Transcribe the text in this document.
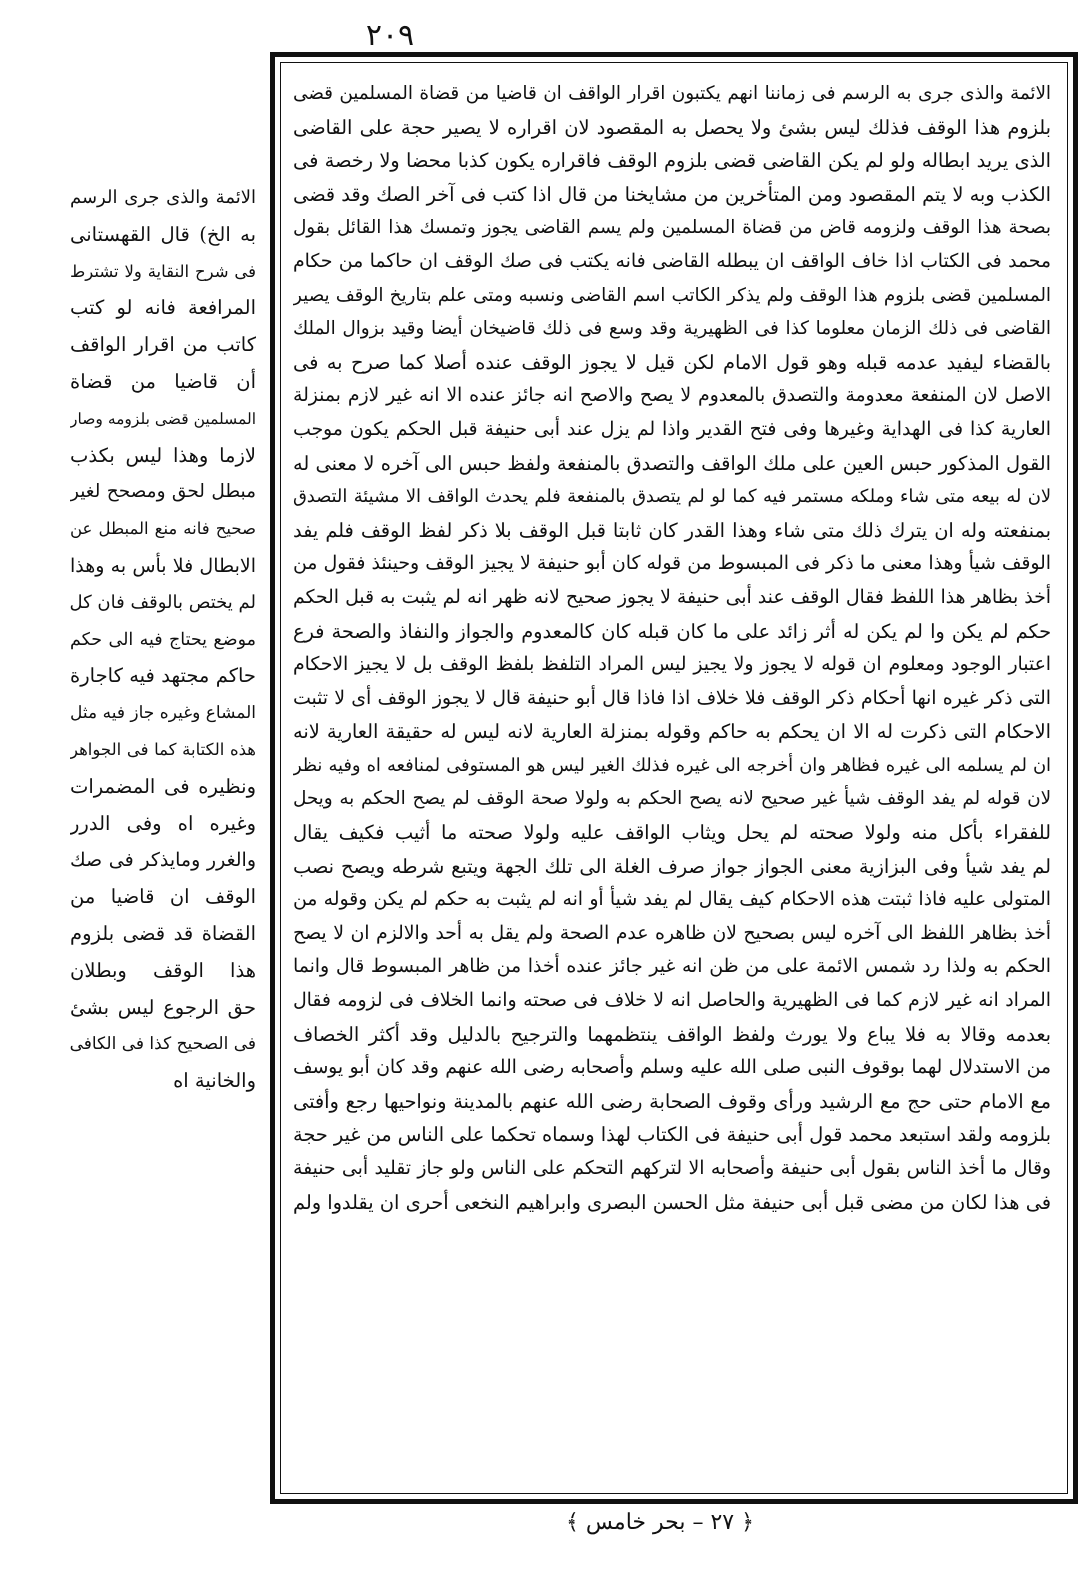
٢٠٩
الائمة والذى جرى به الرسم فى زماننا انهم يكتبون اقرار الواقف ان قاضيا من قضاة المسلمين قضى
بلزوم هذا الوقف فذلك ليس بشئ ولا يحصل به المقصود لان اقراره لا يصير حجة على القاضى
الذى يريد ابطاله ولو لم يكن القاضى قضى بلزوم الوقف فاقراره يكون كذبا محضا ولا رخصة فى
الكذب وبه لا يتم المقصود ومن المتأخرين من مشايخنا من قال اذا كتب فى آخر الصك وقد قضى
بصحة هذا الوقف ولزومه قاض من قضاة المسلمين ولم يسم القاضى يجوز وتمسك هذا القائل بقول
محمد فى الكتاب اذا خاف الواقف ان يبطله القاضى فانه يكتب فى صك الوقف ان حاكما من حكام
المسلمين قضى بلزوم هذا الوقف ولم يذكر الكاتب اسم القاضى ونسبه ومتى علم بتاريخ الوقف يصير
القاضى فى ذلك الزمان معلوما كذا فى الظهيرية وقد وسع فى ذلك قاضيخان أيضا وقيد بزوال الملك
بالقضاء ليفيد عدمه قبله وهو قول الامام لكن قيل لا يجوز الوقف عنده أصلا كما صرح به فى
الاصل لان المنفعة معدومة والتصدق بالمعدوم لا يصح والاصح انه جائز عنده الا انه غير لازم بمنزلة
العارية كذا فى الهداية وغيرها وفى فتح القدير واذا لم يزل عند أبى حنيفة قبل الحكم يكون موجب
القول المذكور حبس العين على ملك الواقف والتصدق بالمنفعة ولفظ حبس الى آخره لا معنى له
لان له بيعه متى شاء وملكه مستمر فيه كما لو لم يتصدق بالمنفعة فلم يحدث الواقف الا مشيئة التصدق
بمنفعته وله ان يترك ذلك متى شاء وهذا القدر كان ثابتا قبل الوقف بلا ذكر لفظ الوقف فلم يفد
الوقف شيأ وهذا معنى ما ذكر فى المبسوط من قوله كان أبو حنيفة لا يجيز الوقف وحينئذ فقول من
أخذ بظاهر هذا اللفظ فقال الوقف عند أبى حنيفة لا يجوز صحيح لانه ظهر انه لم يثبت به قبل الحكم
حكم لم يكن وا لم يكن له أثر زائد على ما كان قبله كان كالمعدوم والجواز والنفاذ والصحة فرع
اعتبار الوجود ومعلوم ان قوله لا يجوز ولا يجيز ليس المراد التلفظ بلفظ الوقف بل لا يجيز الاحكام
التى ذكر غيره انها أحكام ذكر الوقف فلا خلاف اذا فاذا قال أبو حنيفة قال لا يجوز الوقف أى لا تثبت
الاحكام التى ذكرت له الا ان يحكم به حاكم وقوله بمنزلة العارية لانه ليس له حقيقة العارية لانه
ان لم يسلمه الى غيره فظاهر وان أخرجه الى غيره فذلك الغير ليس هو المستوفى لمنافعه اه وفيه نظر
لان قوله لم يفد الوقف شيأ غير صحيح لانه يصح الحكم به ولولا صحة الوقف لم يصح الحكم به ويحل
للفقراء بأكل منه ولولا صحته لم يحل ويثاب الواقف عليه ولولا صحته ما أثيب فكيف يقال
لم يفد شيأ وفى البزازية معنى الجواز جواز صرف الغلة الى تلك الجهة ويتبع شرطه ويصح نصب
المتولى عليه فاذا ثبتت هذه الاحكام كيف يقال لم يفد شيأ أو انه لم يثبت به حكم لم يكن وقوله من
أخذ بظاهر اللفظ الى آخره ليس بصحيح لان ظاهره عدم الصحة ولم يقل به أحد والالزم ان لا يصح
الحكم به ولذا رد شمس الائمة على من ظن انه غير جائز عنده أخذا من ظاهر المبسوط قال وانما
المراد انه غير لازم كما فى الظهيرية والحاصل انه لا خلاف فى صحته وانما الخلاف فى لزومه فقال
بعدمه وقالا به فلا يباع ولا يورث ولفظ الواقف ينتظمهما والترجيح بالدليل وقد أكثر الخصاف
من الاستدلال لهما بوقوف النبى صلى الله عليه وسلم وأصحابه رضى الله عنهم وقد كان أبو يوسف
مع الامام حتى حج مع الرشيد ورأى وقوف الصحابة رضى الله عنهم بالمدينة ونواحيها رجع وأفتى
بلزومه ولقد استبعد محمد قول أبى حنيفة فى الكتاب لهذا وسماه تحكما على الناس من غير حجة
وقال ما أخذ الناس بقول أبى حنيفة وأصحابه الا لتركهم التحكم على الناس ولو جاز تقليد أبى حنيفة
فى هذا لكان من مضى قبل أبى حنيفة مثل الحسن البصرى وابراهيم النخعى أحرى ان يقلدوا ولم
الائمة والذى جرى الرسم
به الخ) قال القهستانى
فى شرح النقاية ولا تشترط
المرافعة فانه لو كتب
كاتب من اقرار الواقف
أن قاضيا من قضاة
المسلمين قضى بلزومه وصار
لازما وهذا ليس بكذب
مبطل لحق ومصحح لغير
صحيح فانه منع المبطل عن
الابطال فلا بأس به وهذا
لم يختص بالوقف فان كل
موضع يحتاج فيه الى حكم
حاكم مجتهد فيه كاجارة
المشاع وغيره جاز فيه مثل
هذه الكتابة كما فى الجواهر
ونظيره فى المضمرات
وغيره اه وفى الدرر
والغرر ومايذكر فى صك
الوقف ان قاضيا من
القضاة قد قضى بلزوم
هذا الوقف وبطلان
حق الرجوع ليس بشئ
فى الصحيح كذا فى الكافى
والخانية اه
﴿ ٢٧ – بحر خامس ﴾
